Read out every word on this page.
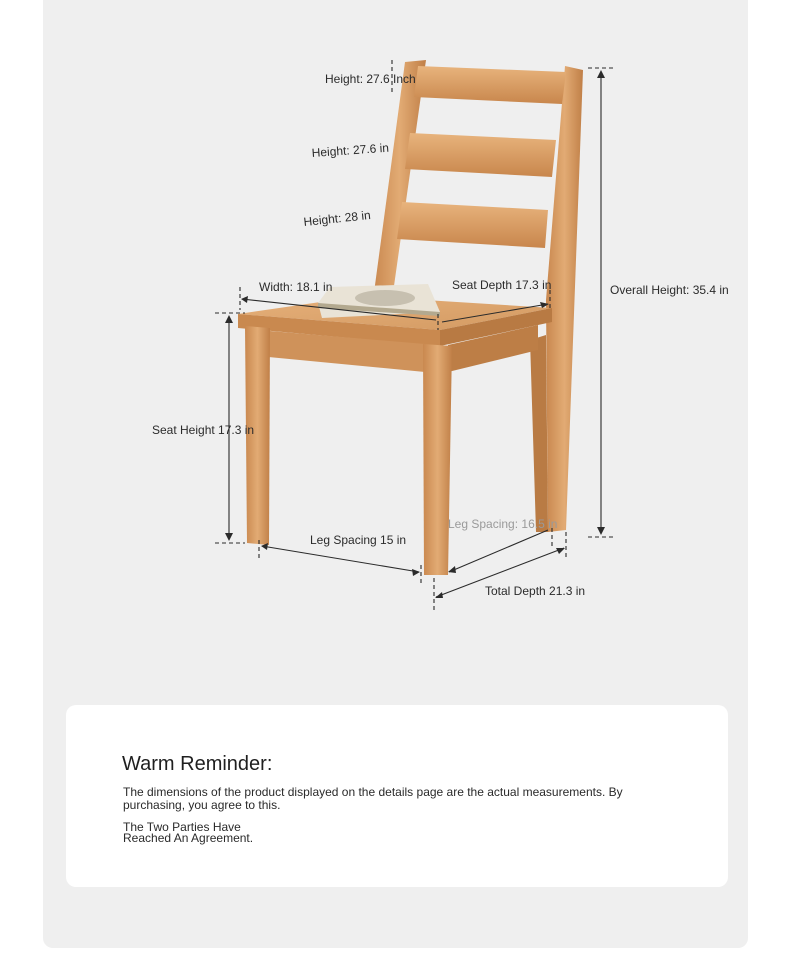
Height: 27.6 Inch
Height: 27.6 in
Height: 28 in
Width: 18.1 in	Seat Depth 17.3 in	Overall Height: 35.4 in
Seat Height 17.3 in
Leg Spacing 15 in
Leg Spacing: 16.5 in
Total Depth 21.3 in
Warm Reminder:

The dimensions of the product displayed on the details page are the actual measurements. By purchasing, you agree to this.

The Two Parties Have Reached An Agreement.
